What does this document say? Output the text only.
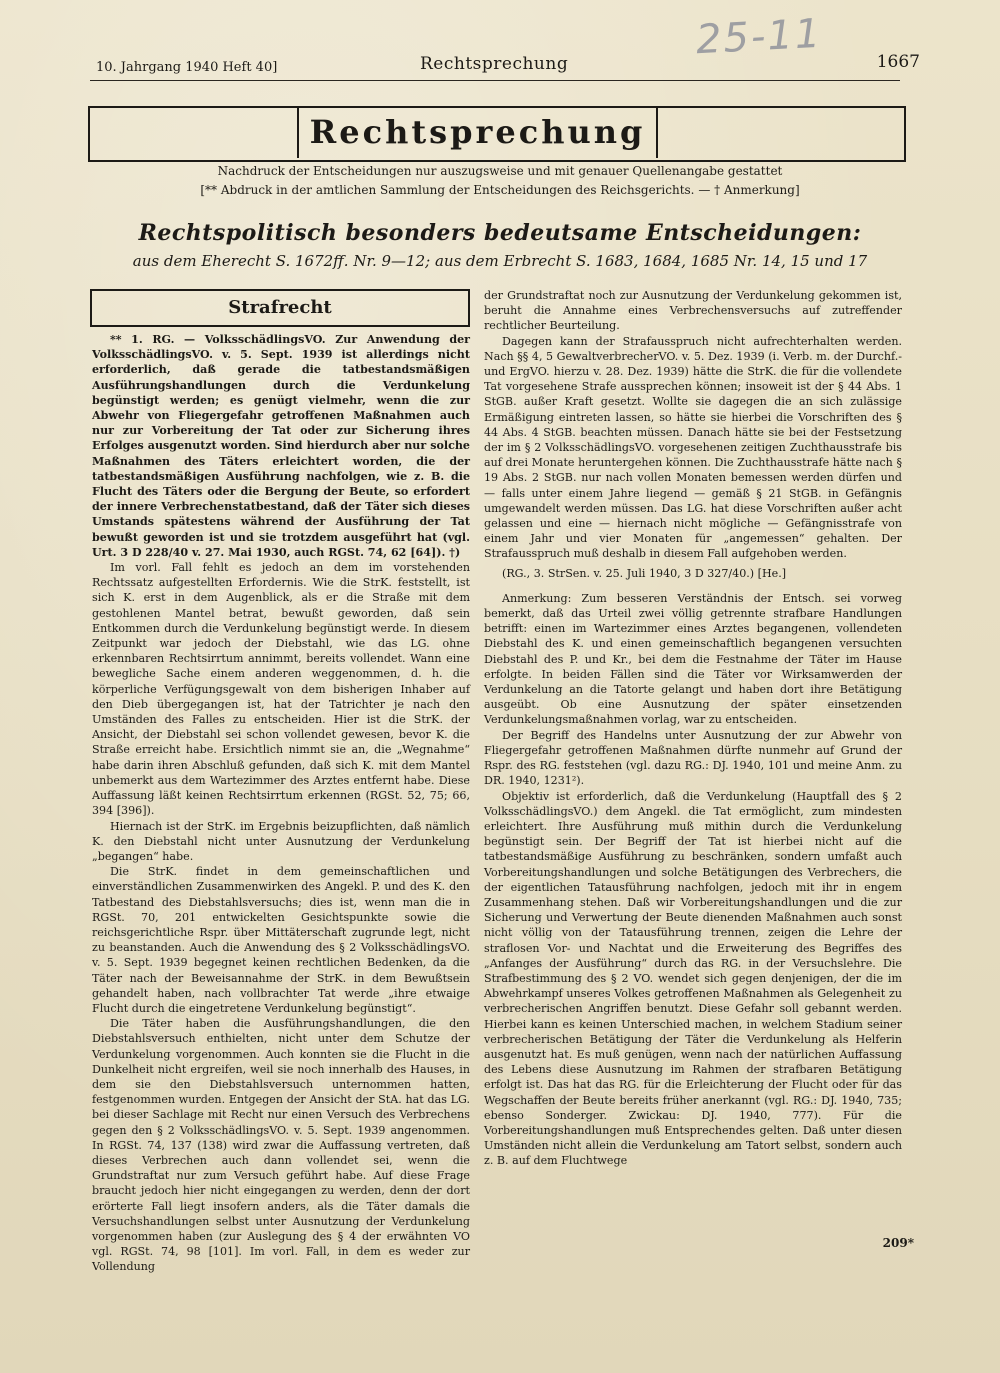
25-11
10. Jahrgang 1940 Heft 40]	Rechtsprechung	1667
Rechtsprechung
Nachdruck der Entscheidungen nur auszugsweise und mit genauer Quellenangabe gestattet
[** Abdruck in der amtlichen Sammlung der Entscheidungen des Reichsgerichts. — † Anmerkung]
Rechtspolitisch besonders bedeutsame Entscheidungen:
aus dem Eherecht S. 1672ff. Nr. 9—12; aus dem Erbrecht S. 1683, 1684, 1685 Nr. 14, 15 und 17
Strafrecht

** 1. RG. — VolksschädlingsVO. Zur Anwendung der VolksschädlingsVO. v. 5. Sept. 1939 ist allerdings nicht erforderlich, daß gerade die tatbestandsmäßigen Ausführungshandlungen durch die Verdunkelung begünstigt werden; es genügt vielmehr, wenn die zur Abwehr von Fliegergefahr getroffenen Maßnahmen auch nur zur Vorbereitung der Tat oder zur Sicherung ihres Erfolges ausgenutzt worden. Sind hierdurch aber nur solche Maßnahmen des Täters erleichtert worden, die der tatbestandsmäßigen Ausführung nachfolgen, wie z. B. die Flucht des Täters oder die Bergung der Beute, so erfordert der innere Verbrechenstatbestand, daß der Täter sich dieses Umstands spätestens während der Ausführung der Tat bewußt geworden ist und sie trotzdem ausgeführt hat (vgl. Urt. 3 D 228/40 v. 27. Mai 1930, auch RGSt. 74, 62 [64]). †)

Im vorl. Fall fehlt es jedoch an dem im vorstehenden Rechtssatz aufgestellten Erfordernis. Wie die StrK. feststellt, ist sich K. erst in dem Augenblick, als er die Straße mit dem gestohlenen Mantel betrat, bewußt geworden, daß sein Entkommen durch die Verdunkelung begünstigt werde. In diesem Zeitpunkt war jedoch der Diebstahl, wie das LG. ohne erkennbaren Rechtsirrtum annimmt, bereits vollendet. Wann eine bewegliche Sache einem anderen weggenommen, d. h. die körperliche Verfügungsgewalt von dem bisherigen Inhaber auf den Dieb übergegangen ist, hat der Tatrichter je nach den Umständen des Falles zu entscheiden. Hier ist die StrK. der Ansicht, der Diebstahl sei schon vollendet gewesen, bevor K. die Straße erreicht habe. Ersichtlich nimmt sie an, die „Wegnahme“ habe darin ihren Abschluß gefunden, daß sich K. mit dem Mantel unbemerkt aus dem Wartezimmer des Arztes entfernt habe. Diese Auffassung läßt keinen Rechtsirrtum erkennen (RGSt. 52, 75; 66, 394 [396]).

Hiernach ist der StrK. im Ergebnis beizupflichten, daß nämlich K. den Diebstahl nicht unter Ausnutzung der Verdunkelung „begangen“ habe.

Die StrK. findet in dem gemeinschaftlichen und einverständlichen Zusammenwirken des Angekl. P. und des K. den Tatbestand des Diebstahlsversuchs; dies ist, wenn man die in RGSt. 70, 201 entwickelten Gesichtspunkte sowie die reichsgerichtliche Rspr. über Mittäterschaft zugrunde legt, nicht zu beanstanden. Auch die Anwendung des § 2 VolksschädlingsVO. v. 5. Sept. 1939 begegnet keinen rechtlichen Bedenken, da die Täter nach der Beweisannahme der StrK. in dem Bewußtsein gehandelt haben, nach vollbrachter Tat werde „ihre etwaige Flucht durch die eingetretene Verdunkelung begünstigt“.

Die Täter haben die Ausführungshandlungen, die den Diebstahlsversuch enthielten, nicht unter dem Schutze der Verdunkelung vorgenommen. Auch konnten sie die Flucht in die Dunkelheit nicht ergreifen, weil sie noch innerhalb des Hauses, in dem sie den Diebstahlsversuch unternommen hatten, festgenommen wurden. Entgegen der Ansicht der StA. hat das LG. bei dieser Sachlage mit Recht nur einen Versuch des Verbrechens gegen den § 2 VolksschädlingsVO. v. 5. Sept. 1939 angenommen. In RGSt. 74, 137 (138) wird zwar die Auffassung vertreten, daß dieses Verbrechen auch dann vollendet sei, wenn die Grundstraftat nur zum Versuch geführt habe. Auf diese Frage braucht jedoch hier nicht eingegangen zu werden, denn der dort erörterte Fall liegt insofern anders, als die Täter damals die Versuchshandlungen selbst unter Ausnutzung der Verdunkelung vorgenommen haben (zur Auslegung des § 4 der erwähnten VO vgl. RGSt. 74, 98 [101]. Im vorl. Fall, in dem es weder zur Vollendung

der Grundstraftat noch zur Ausnutzung der Verdunkelung gekommen ist, beruht die Annahme eines Verbrechensversuchs auf zutreffender rechtlicher Beurteilung.

Dagegen kann der Strafausspruch nicht aufrechterhalten werden. Nach §§ 4, 5 GewaltverbrecherVO. v. 5. Dez. 1939 (i. Verb. m. der Durchf.- und ErgVO. hierzu v. 28. Dez. 1939) hätte die StrK. die für die vollendete Tat vorgesehene Strafe aussprechen können; insoweit ist der § 44 Abs. 1 StGB. außer Kraft gesetzt. Wollte sie dagegen die an sich zulässige Ermäßigung eintreten lassen, so hätte sie hierbei die Vorschriften des § 44 Abs. 4 StGB. beachten müssen. Danach hätte sie bei der Festsetzung der im § 2 VolksschädlingsVO. vorgesehenen zeitigen Zuchthausstrafe bis auf drei Monate heruntergehen können. Die Zuchthausstrafe hätte nach § 19 Abs. 2 StGB. nur nach vollen Monaten bemessen werden dürfen und — falls unter einem Jahre liegend — gemäß § 21 StGB. in Gefängnis umgewandelt werden müssen. Das LG. hat diese Vorschriften außer acht gelassen und eine — hiernach nicht mögliche — Gefängnisstrafe von einem Jahr und vier Monaten für „angemessen“ gehalten. Der Strafausspruch muß deshalb in diesem Fall aufgehoben werden.

(RG., 3. StrSen. v. 25. Juli 1940, 3 D 327/40.) [He.]

Anmerkung: Zum besseren Verständnis der Entsch. sei vorweg bemerkt, daß das Urteil zwei völlig getrennte strafbare Handlungen betrifft: einen im Wartezimmer eines Arztes begangenen, vollendeten Diebstahl des K. und einen gemeinschaftlich begangenen versuchten Diebstahl des P. und Kr., bei dem die Festnahme der Täter im Hause erfolgte. In beiden Fällen sind die Täter vor Wirksamwerden der Verdunkelung an die Tatorte gelangt und haben dort ihre Betätigung ausgeübt. Ob eine Ausnutzung der später einsetzenden Verdunkelungsmaßnahmen vorlag, war zu entscheiden.

Der Begriff des Handelns unter Ausnutzung der zur Abwehr von Fliegergefahr getroffenen Maßnahmen dürfte nunmehr auf Grund der Rspr. des RG. feststehen (vgl. dazu RG.: DJ. 1940, 101 und meine Anm. zu DR. 1940, 1231²).

Objektiv ist erforderlich, daß die Verdunkelung (Hauptfall des § 2 VolksschädlingsVO.) dem Angekl. die Tat ermöglicht, zum mindesten erleichtert. Ihre Ausführung muß mithin durch die Verdunkelung begünstigt sein. Der Begriff der Tat ist hierbei nicht auf die tatbestandsmäßige Ausführung zu beschränken, sondern umfaßt auch Vorbereitungshandlungen und solche Betätigungen des Verbrechers, die der eigentlichen Tatausführung nachfolgen, jedoch mit ihr in engem Zusammenhang stehen. Daß wir Vorbereitungshandlungen und die zur Sicherung und Verwertung der Beute dienenden Maßnahmen auch sonst nicht völlig von der Tatausführung trennen, zeigen die Lehre der straflosen Vor- und Nachtat und die Erweiterung des Begriffes des „Anfanges der Ausführung“ durch das RG. in der Versuchslehre. Die Strafbestimmung des § 2 VO. wendet sich gegen denjenigen, der die im Abwehrkampf unseres Volkes getroffenen Maßnahmen als Gelegenheit zu verbrecherischen Angriffen benutzt. Diese Gefahr soll gebannt werden. Hierbei kann es keinen Unterschied machen, in welchem Stadium seiner verbrecherischen Betätigung der Täter die Verdunkelung als Helferin ausgenutzt hat. Es muß genügen, wenn nach der natürlichen Auffassung des Lebens diese Ausnutzung im Rahmen der strafbaren Betätigung erfolgt ist. Das hat das RG. für die Erleichterung der Flucht oder für das Wegschaffen der Beute bereits früher anerkannt (vgl. RG.: DJ. 1940, 735; ebenso Sonderger. Zwickau: DJ. 1940, 777). Für die Vorbereitungshandlungen muß Entsprechendes gelten. Daß unter diesen Umständen nicht allein die Verdunkelung am Tatort selbst, sondern auch z. B. auf dem Fluchtwege

209*
